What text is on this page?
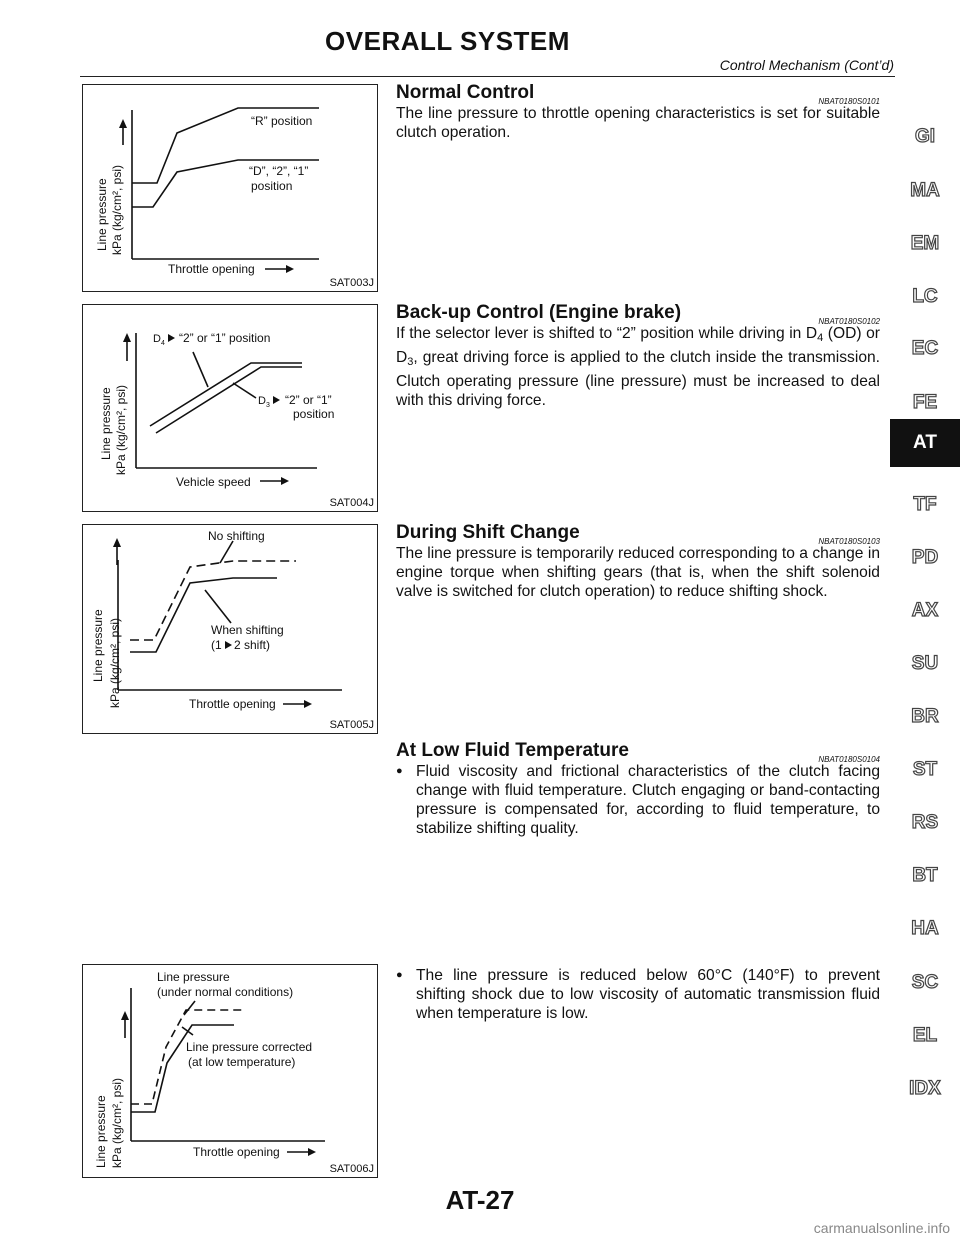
OVERALL SYSTEM
Control Mechanism (Cont’d)
Line pressure kPa (kg/cm², psi)
Throttle opening
“R” position
“D”, “2”, “1”
position
SAT003J
Line pressure kPa (kg/cm², psi)
Vehicle speed
$D_4$ “2” or “1” position
$D_3$ “2” or “1”
position
SAT004J
Line pressure kPa (kg/cm², psi)	Throttle opening
No shifting
When shifting
(1 2 shift)
SAT005J
Line pressure kPa (kg/cm², psi)	Throttle opening
Line pressure
(under normal conditions)
Line pressure corrected
(at low temperature)
SAT006J
Normal Control	NBAT0180S0101

The line pressure to throttle opening characteristics is set for suitable clutch operation.

Back-up Control (Engine brake)	NBAT0180S0102

If the selector lever is shifted to “2” position while driving in $D_4$ (OD) or $D_3$, great driving force is applied to the clutch inside the transmission. Clutch operating pressure (line pressure) must be increased to deal with this driving force.

During Shift Change	NBAT0180S0103

The line pressure is temporarily reduced corresponding to a change in engine torque when shifting gears (that is, when the shift solenoid valve is switched for clutch operation) to reduce shifting shock.

At Low Fluid Temperature	NBAT0180S0104
● Fluid viscosity and frictional characteristics of the clutch facing change with fluid temperature. Clutch engaging or band-contacting pressure is compensated for, according to fluid temperature, to stabilize shifting quality.
● The line pressure is reduced below 60°C (140°F) to prevent shifting shock due to low viscosity of automatic transmission fluid when temperature is low.
GI
MA
EM
LC
EC
FE
AT
TF
PD
AX
SU
BR
ST
RS
BT
HA
SC
EL
IDX
AT-27
carmanualsonline.info
